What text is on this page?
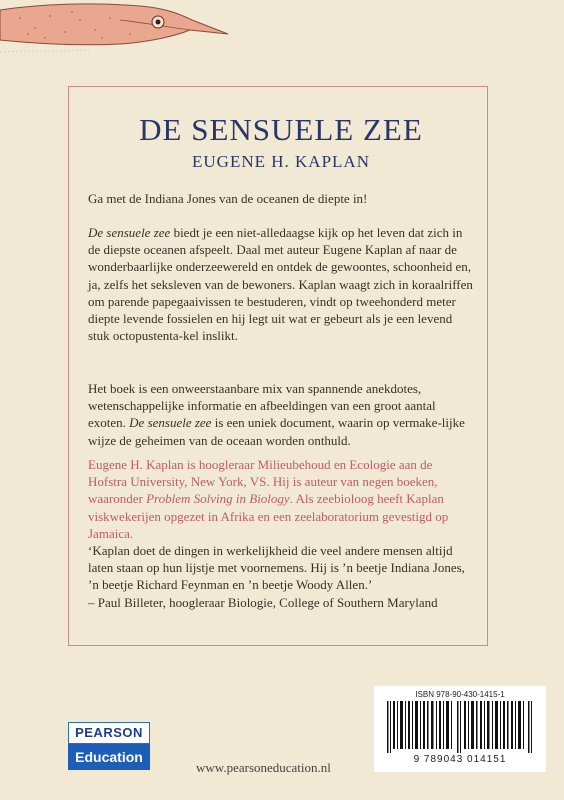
DE SENSUELE ZEE
EUGENE H. KAPLAN
Ga met de Indiana Jones van de oceanen de diepte in!
De sensuele zee biedt je een niet-alledaagse kijk op het leven dat zich in de diepste oceanen afspeelt. Daal met auteur Eugene Kaplan af naar de wonderbaarlijke onderzeewereld en ontdek de gewoontes, schoonheid en, ja, zelfs het seksleven van de bewoners. Kaplan waagt zich in koraalriffen om parende papegaaivissen te bestuderen, vindt op tweehonderd meter diepte levende fossielen en hij legt uit wat er gebeurt als je een levend stuk octopustenta-kel inslikt.
Het boek is een onweerstaanbare mix van spannende anekdotes, wetenschappelijke informatie en afbeeldingen van een groot aantal exoten. De sensuele zee is een uniek document, waarin op vermake-lijke wijze de geheimen van de oceaan worden onthuld.
Eugene H. Kaplan is hoogleraar Milieubehoud en Ecologie aan de Hofstra University, New York, VS. Hij is auteur van negen boeken, waaronder Problem Solving in Biology. Als zeebioloog heeft Kaplan viskwekerijen opgezet in Afrika en een zeelaboratorium gevestigd op Jamaica.
‘Kaplan doet de dingen in werkelijkheid die veel andere mensen altijd laten staan op hun lijstje met voornemens. Hij is ’n beetje Indiana Jones, ’n beetje Richard Feynman en ’n beetje Woody Allen.’
– Paul Billeter, hoogleraar Biologie, College of Southern Maryland
ISBN 978-90-430-1415-1
9 789043 014151
PEARSON
Education
www.pearsoneducation.nl
